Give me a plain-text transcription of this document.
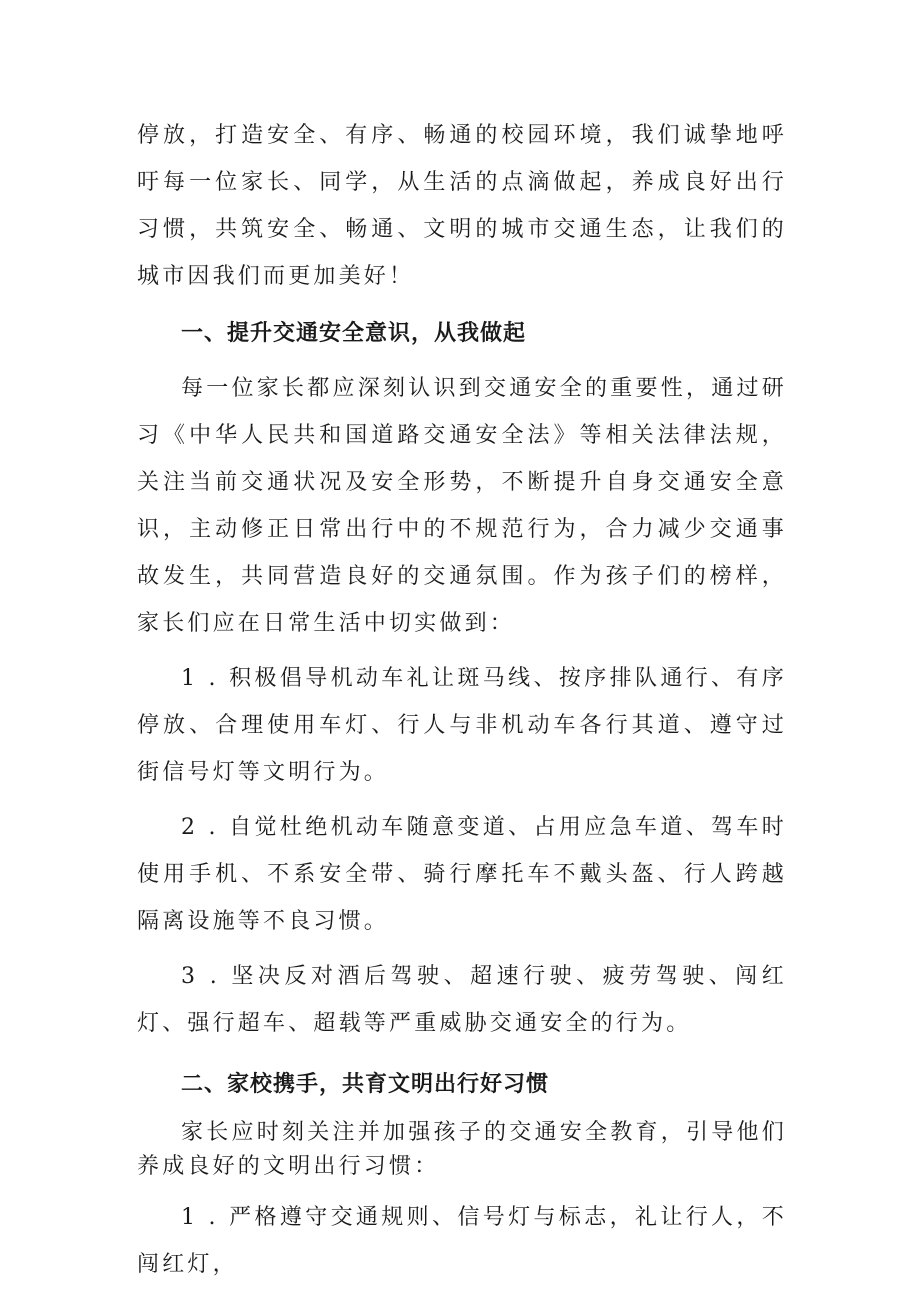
停放，打造安全、有序、畅通的校园环境，我们诚挚地呼吁每一位家长、同学，从生活的点滴做起，养成良好出行习惯，共筑安全、畅通、文明的城市交通生态，让我们的城市因我们而更加美好！

一、提升交通安全意识，从我做起

每一位家长都应深刻认识到交通安全的重要性，通过研习《中华人民共和国道路交通安全法》等相关法律法规，关注当前交通状况及安全形势，不断提升自身交通安全意识，主动修正日常出行中的不规范行为，合力减少交通事故发生，共同营造良好的交通氛围。作为孩子们的榜样，家长们应在日常生活中切实做到：

1 . 积极倡导机动车礼让斑马线、按序排队通行、有序停放、合理使用车灯、行人与非机动车各行其道、遵守过街信号灯等文明行为。

2 . 自觉杜绝机动车随意变道、占用应急车道、驾车时使用手机、不系安全带、骑行摩托车不戴头盔、行人跨越隔离设施等不良习惯。

3 . 坚决反对酒后驾驶、超速行驶、疲劳驾驶、闯红灯、强行超车、超载等严重威胁交通安全的行为。

二、家校携手，共育文明出行好习惯

家长应时刻关注并加强孩子的交通安全教育，引导他们养成良好的文明出行习惯：

1 . 严格遵守交通规则、信号灯与标志，礼让行人，不闯红灯，
